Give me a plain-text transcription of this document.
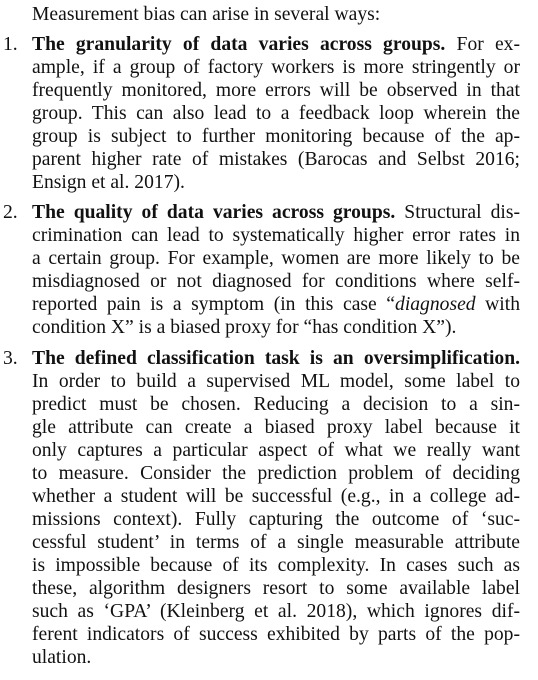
Measurement bias can arise in several ways:
1. The granularity of data varies across groups. For ex-
ample, if a group of factory workers is more stringently or
frequently monitored, more errors will be observed in that
group. This can also lead to a feedback loop wherein the
group is subject to further monitoring because of the ap-
parent higher rate of mistakes (Barocas and Selbst 2016;
Ensign et al. 2017).
2. The quality of data varies across groups. Structural dis-
crimination can lead to systematically higher error rates in
a certain group. For example, women are more likely to be
misdiagnosed or not diagnosed for conditions where self-
reported pain is a symptom (in this case “diagnosed with
condition X” is a biased proxy for “has condition X”).
3. The defined classification task is an oversimplification.
In order to build a supervised ML model, some label to
predict must be chosen. Reducing a decision to a sin-
gle attribute can create a biased proxy label because it
only captures a particular aspect of what we really want
to measure. Consider the prediction problem of deciding
whether a student will be successful (e.g., in a college ad-
missions context). Fully capturing the outcome of ‘suc-
cessful student’ in terms of a single measurable attribute
is impossible because of its complexity. In cases such as
these, algorithm designers resort to some available label
such as ‘GPA’ (Kleinberg et al. 2018), which ignores dif-
ferent indicators of success exhibited by parts of the pop-
ulation.
